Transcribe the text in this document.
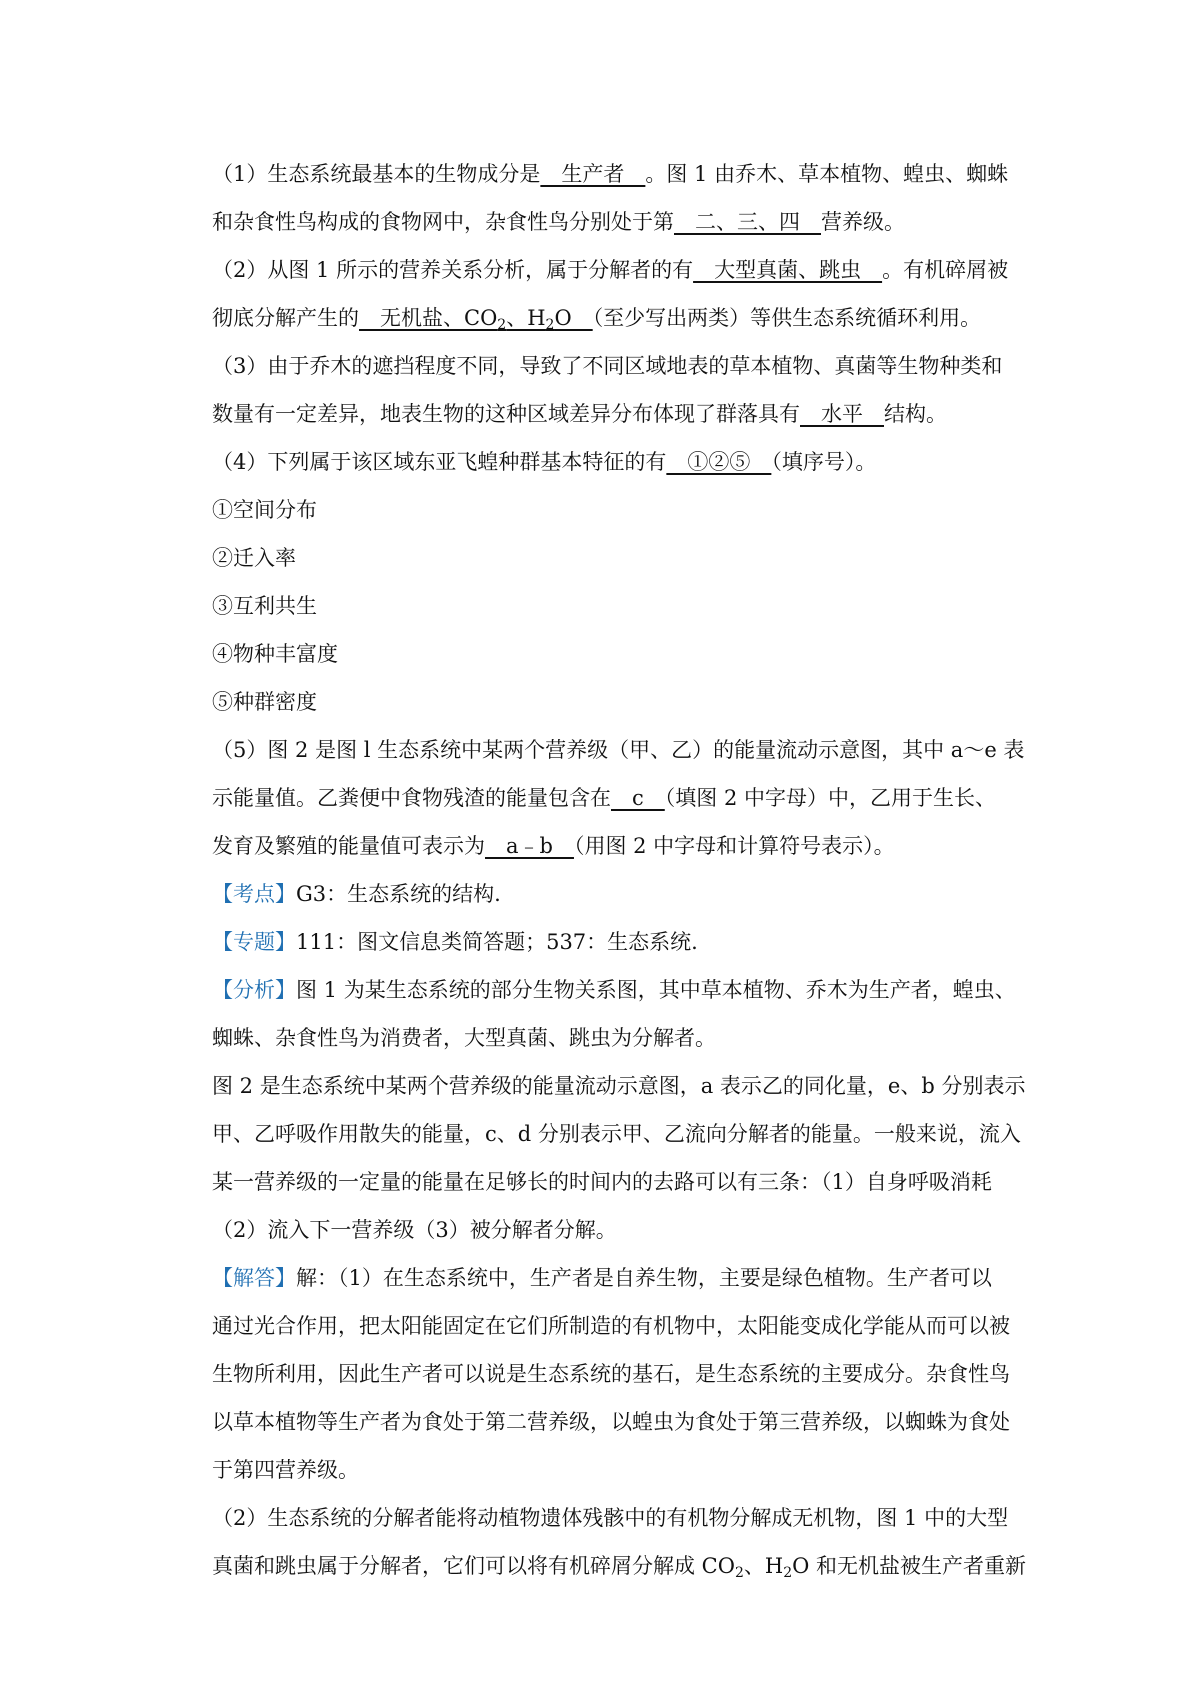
（1）生态系统最基本的生物成分是　生产者　。图 1 由乔木、草本植物、蝗虫、蜘蛛
和杂食性鸟构成的食物网中，杂食性鸟分别处于第　二、三、四　营养级。
（2）从图 1 所示的营养关系分析，属于分解者的有　大型真菌、跳虫　。有机碎屑被
彻底分解产生的　无机盐、$CO_2$、$H_2O$　（至少写出两类）等供生态系统循环利用。
（3）由于乔木的遮挡程度不同，导致了不同区域地表的草本植物、真菌等生物种类和
数量有一定差异，地表生物的这种区域差异分布体现了群落具有　水平　结构。
（4）下列属于该区域东亚飞蝗种群基本特征的有　①②⑤　（填序号）。
①空间分布
②迁入率
③互利共生
④物种丰富度
⑤种群密度
（5）图 2 是图 l 生态系统中某两个营养级（甲、乙）的能量流动示意图，其中 a～e 表
示能量值。乙粪便中食物残渣的能量包含在　c　（填图 2 中字母）中，乙用于生长、
发育及繁殖的能量值可表示为　a﹣b　（用图 2 中字母和计算符号表示）。
【考点】G3：生态系统的结构.
【专题】111：图文信息类简答题；537：生态系统.
【分析】图 1 为某生态系统的部分生物关系图，其中草本植物、乔木为生产者，蝗虫、
蜘蛛、杂食性鸟为消费者，大型真菌、跳虫为分解者。
图 2 是生态系统中某两个营养级的能量流动示意图，a 表示乙的同化量，e、b 分别表示
甲、乙呼吸作用散失的能量，c、d 分别表示甲、乙流向分解者的能量。一般来说，流入
某一营养级的一定量的能量在足够长的时间内的去路可以有三条：（1）自身呼吸消耗
（2）流入下一营养级（3）被分解者分解。
【解答】解：（1）在生态系统中，生产者是自养生物，主要是绿色植物。生产者可以
通过光合作用，把太阳能固定在它们所制造的有机物中，太阳能变成化学能从而可以被
生物所利用，因此生产者可以说是生态系统的基石，是生态系统的主要成分。杂食性鸟
以草本植物等生产者为食处于第二营养级，以蝗虫为食处于第三营养级，以蜘蛛为食处
于第四营养级。
（2）生态系统的分解者能将动植物遗体残骸中的有机物分解成无机物，图 1 中的大型
真菌和跳虫属于分解者，它们可以将有机碎屑分解成 $CO_2$、$H_2O$ 和无机盐被生产者重新
